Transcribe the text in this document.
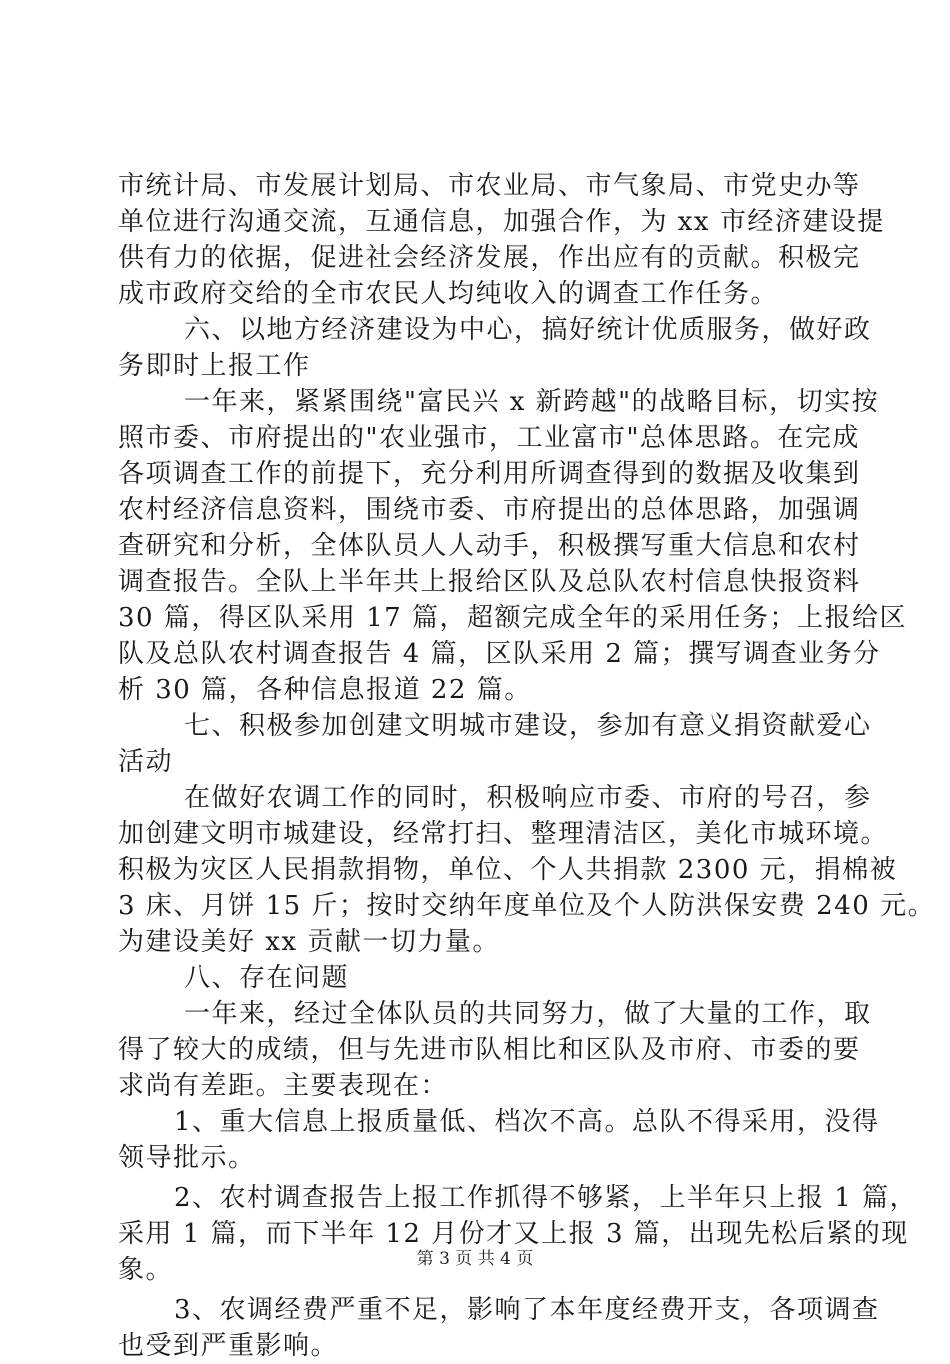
市统计局、市发展计划局、市农业局、市气象局、市党史办等
单位进行沟通交流，互通信息，加强合作，为 xx 市经济建设提
供有力的依据，促进社会经济发展，作出应有的贡献。积极完
成市政府交给的全市农民人均纯收入的调查工作任务。
六、以地方经济建设为中心，搞好统计优质服务，做好政
务即时上报工作
一年来，紧紧围绕"富民兴 x 新跨越"的战略目标，切实按
照市委、市府提出的"农业强市，工业富市"总体思路。在完成
各项调查工作的前提下，充分利用所调查得到的数据及收集到
农村经济信息资料，围绕市委、市府提出的总体思路，加强调
查研究和分析，全体队员人人动手，积极撰写重大信息和农村
调查报告。全队上半年共上报给区队及总队农村信息快报资料
30 篇，得区队采用 17 篇，超额完成全年的采用任务；上报给区
队及总队农村调查报告 4 篇，区队采用 2 篇；撰写调查业务分
析 30 篇，各种信息报道 22 篇。
七、积极参加创建文明城市建设，参加有意义捐资献爱心
活动
在做好农调工作的同时，积极响应市委、市府的号召，参
加创建文明市城建设，经常打扫、整理清洁区，美化市城环境。
积极为灾区人民捐款捐物，单位、个人共捐款 2300 元，捐棉被
3 床、月饼 15 斤；按时交纳年度单位及个人防洪保安费 240 元。
为建设美好 xx 贡献一切力量。
八、存在问题
一年来，经过全体队员的共同努力，做了大量的工作，取
得了较大的成绩，但与先进市队相比和区队及市府、市委的要
求尚有差距。主要表现在：
1、重大信息上报质量低、档次不高。总队不得采用，没得
领导批示。
2、农村调查报告上报工作抓得不够紧，上半年只上报 1 篇，
采用 1 篇，而下半年 12 月份才又上报 3 篇，出现先松后紧的现
象。
3、农调经费严重不足，影响了本年度经费开支，各项调查
也受到严重影响。
第 3 页 共 4 页
